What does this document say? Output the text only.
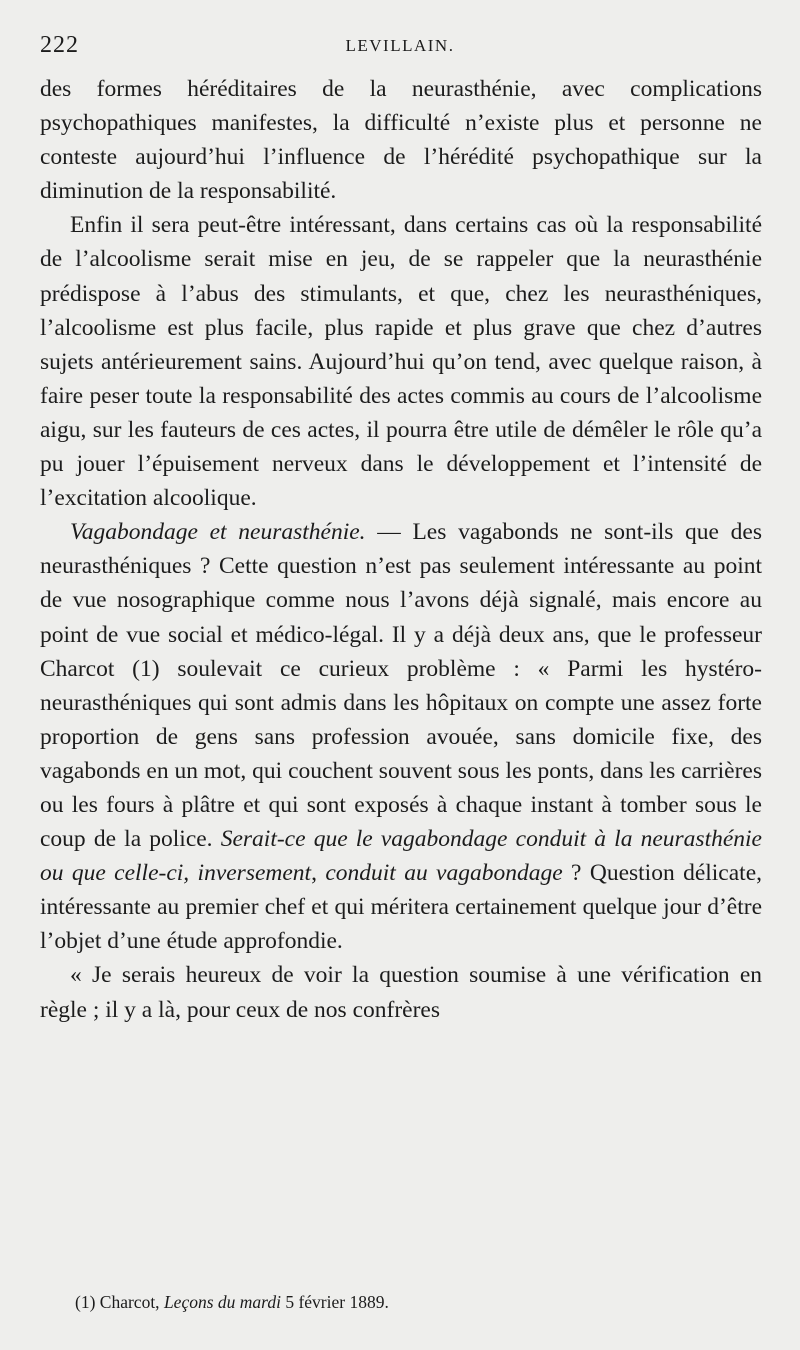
222	LEVILLAIN.

des formes héréditaires de la neurasthénie, avec complications psychopathiques manifestes, la difficulté n’existe plus et personne ne conteste aujourd’hui l’influence de l’hérédité psychopathique sur la diminution de la responsabilité.

Enfin il sera peut-être intéressant, dans certains cas où la responsabilité de l’alcoolisme serait mise en jeu, de se rappeler que la neurasthénie prédispose à l’abus des stimulants, et que, chez les neurasthéniques, l’alcoolisme est plus facile, plus rapide et plus grave que chez d’autres sujets antérieurement sains. Aujourd’hui qu’on tend, avec quelque raison, à faire peser toute la responsabilité des actes commis au cours de l’alcoolisme aigu, sur les fauteurs de ces actes, il pourra être utile de démêler le rôle qu’a pu jouer l’épuisement nerveux dans le développement et l’intensité de l’excitation alcoolique.

Vagabondage et neurasthénie. — Les vagabonds ne sont-ils que des neurasthéniques ? Cette question n’est pas seulement intéressante au point de vue nosographique comme nous l’avons déjà signalé, mais encore au point de vue social et médico-légal. Il y a déjà deux ans, que le professeur Charcot (1) soulevait ce curieux problème : « Parmi les hystéro-neurasthéniques qui sont admis dans les hôpitaux on compte une assez forte proportion de gens sans profession avouée, sans domicile fixe, des vagabonds en un mot, qui couchent souvent sous les ponts, dans les carrières ou les fours à plâtre et qui sont exposés à chaque instant à tomber sous le coup de la police. Serait-ce que le vagabondage conduit à la neurasthénie ou que celle-ci, inversement, conduit au vagabondage ? Question délicate, intéressante au premier chef et qui méritera certainement quelque jour d’être l’objet d’une étude approfondie.

« Je serais heureux de voir la question soumise à une vérification en règle ; il y a là, pour ceux de nos confrères

(1) Charcot, Leçons du mardi 5 février 1889.
